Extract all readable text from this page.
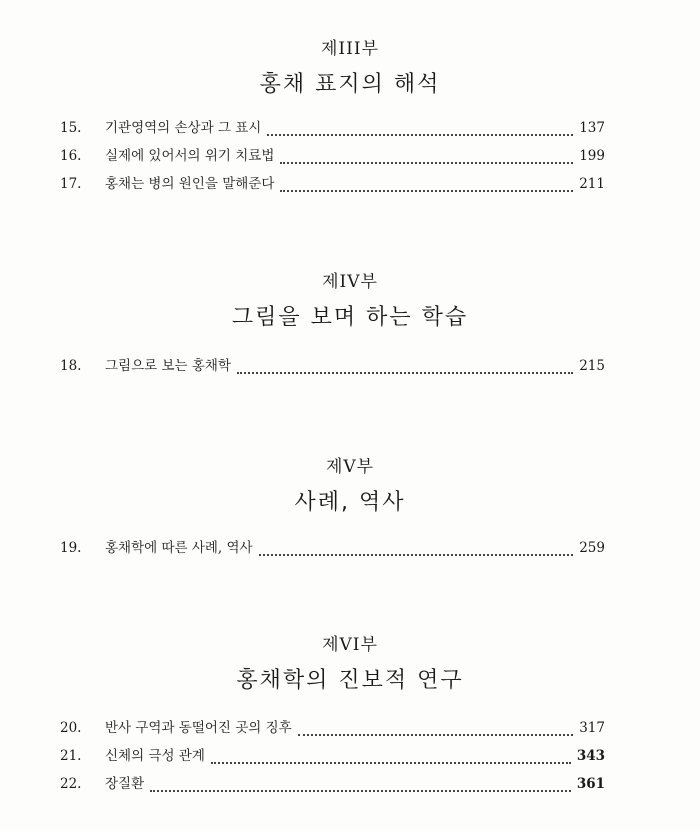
제III부
홍채 표지의 해석
15.	기관영역의 손상과 그 표시	137
16.	실제에 있어서의 위기 치료법	199
17.	홍채는 병의 원인을 말해준다	211
제IV부
그림을 보며 하는 학습
18.	그림으로 보는 홍채학	215
제V부
사례, 역사
19.	홍채학에 따른 사례, 역사	259
제VI부
홍채학의 진보적 연구
20.	반사 구역과 동떨어진 곳의 징후	317
21.	신체의 극성 관계	343
22.	장질환	361
